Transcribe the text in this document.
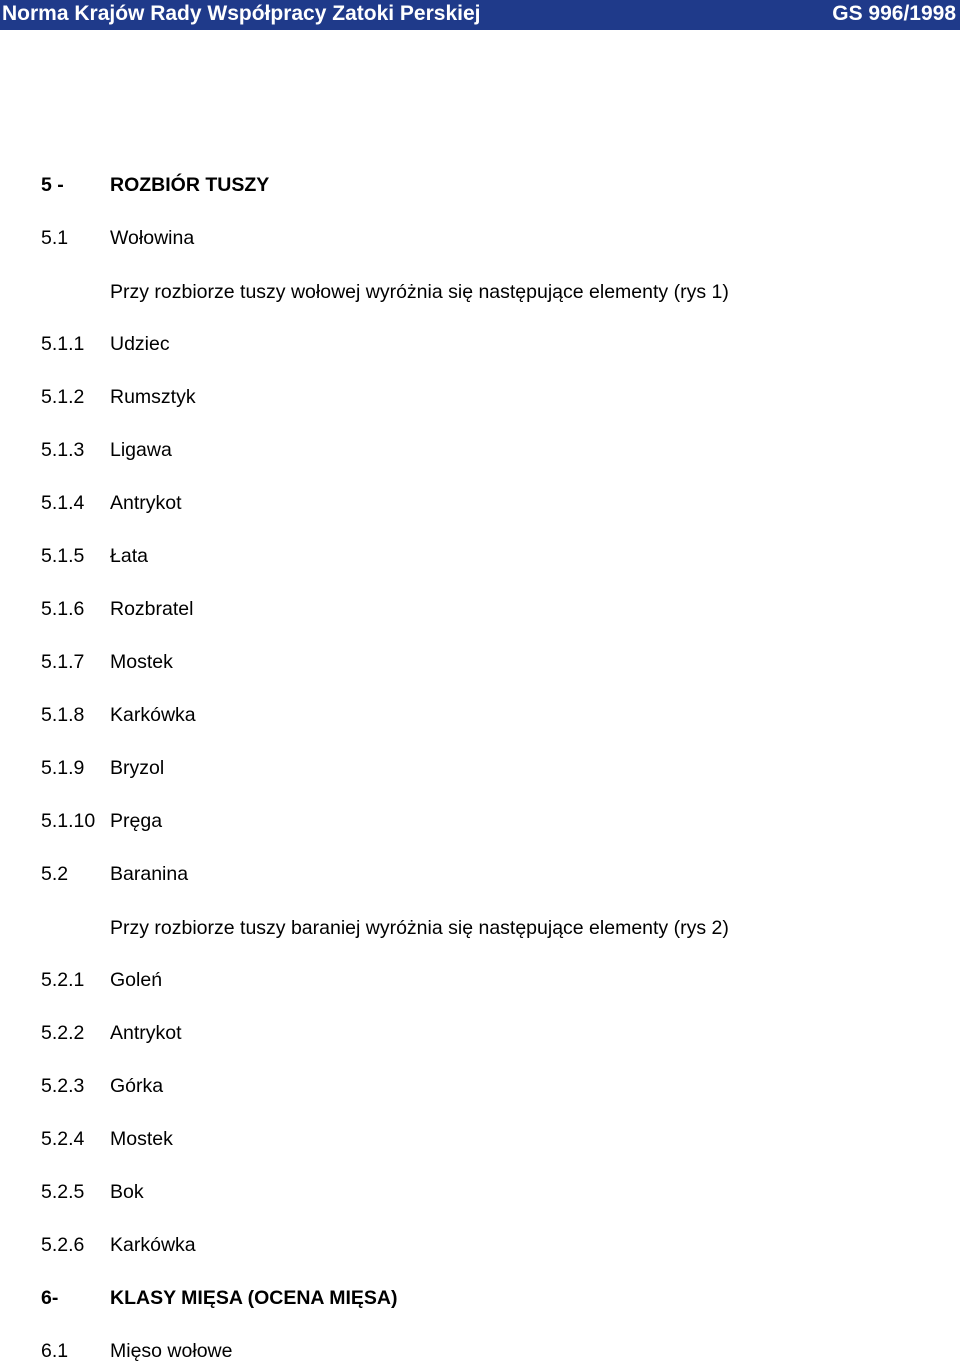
Norma Krajów Rady Współpracy Zatoki Perskiej	GS 996/1998
5 - ROZBIÓR TUSZY
5.1 Wołowina
Przy rozbiorze tuszy wołowej wyróżnia się następujące elementy (rys 1)
5.1.1 Udziec
5.1.2 Rumsztyk
5.1.3 Ligawa
5.1.4 Antrykot
5.1.5 Łata
5.1.6 Rozbratel
5.1.7 Mostek
5.1.8 Karkówka
5.1.9 Bryzol
5.1.10 Pręga
5.2 Baranina
Przy rozbiorze tuszy baraniej wyróżnia się następujące elementy (rys 2)
5.2.1 Goleń
5.2.2 Antrykot
5.2.3 Górka
5.2.4 Mostek
5.2.5 Bok
5.2.6 Karkówka
6-	KLASY MIĘSA (OCENA MIĘSA)
6.1 Mięso wołowe
